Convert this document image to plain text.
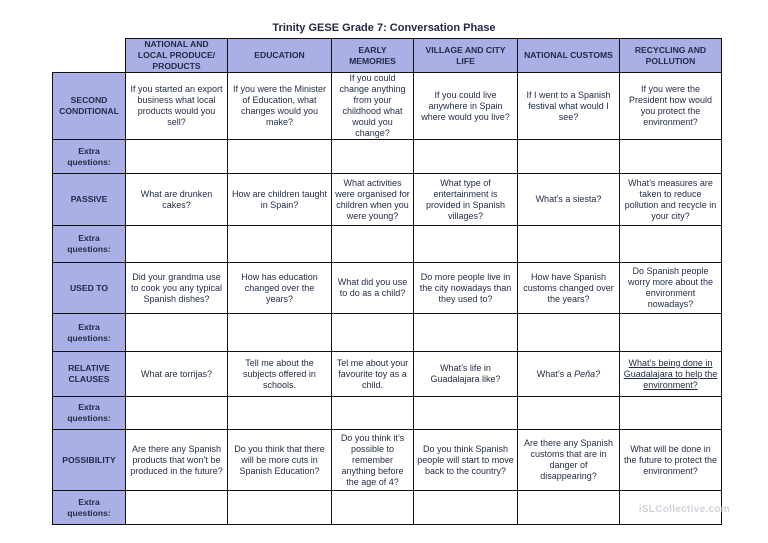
Trinity GESE Grade 7: Conversation Phase
	NATIONAL AND LOCAL PRODUCE/ PRODUCTS	EDUCATION	EARLY MEMORIES	VILLAGE AND CITY LIFE	NATIONAL CUSTOMS	RECYCLING AND POLLUTION
SECOND CONDITIONAL	If you started an export business what local products would you sell?	If you were the Minister of Education, what changes would you make?	If you could change anything from your childhood what would you change?	If you could live anywhere in Spain where would you live?	If I went to a Spanish festival what would I see?	If you were the President how would you protect the environment?
Extra questions:						
PASSIVE	What are drunken cakes?	How are children taught in Spain?	What activities were organised for children when you were young?	What type of entertainment is provided in Spanish villages?	What’s a siesta?	What’s measures are taken to reduce pollution and recycle in your city?
Extra questions:						
USED TO	Did your grandma use to cook you any typical Spanish dishes?	How has education changed over the years?	What did you use to do as a child?	Do more people live in the city nowadays than they used to?	How have Spanish customs changed over the years?	Do Spanish people worry more about the environment nowadays?
Extra questions:						
RELATIVE CLAUSES	What are torrijas?	Tell me about the subjects offered in schools.	Tel me about your favourite toy as a child.	What’s life in Guadalajara like?	What’s a Peña?	What’s being done in Guadalajara to help the environment?
Extra questions:						
POSSIBILITY	Are there any Spanish products that won’t be produced in the future?	Do you think that there will be more cuts in Spanish Education?	Do you think it’s possible to remember anything before the age of 4?	Do you think Spanish people will start to move back to the country?	Are there any Spanish customs that are in danger of disappearing?	What will be done in the future to protect the environment?
Extra questions:							iSLCollective.com
